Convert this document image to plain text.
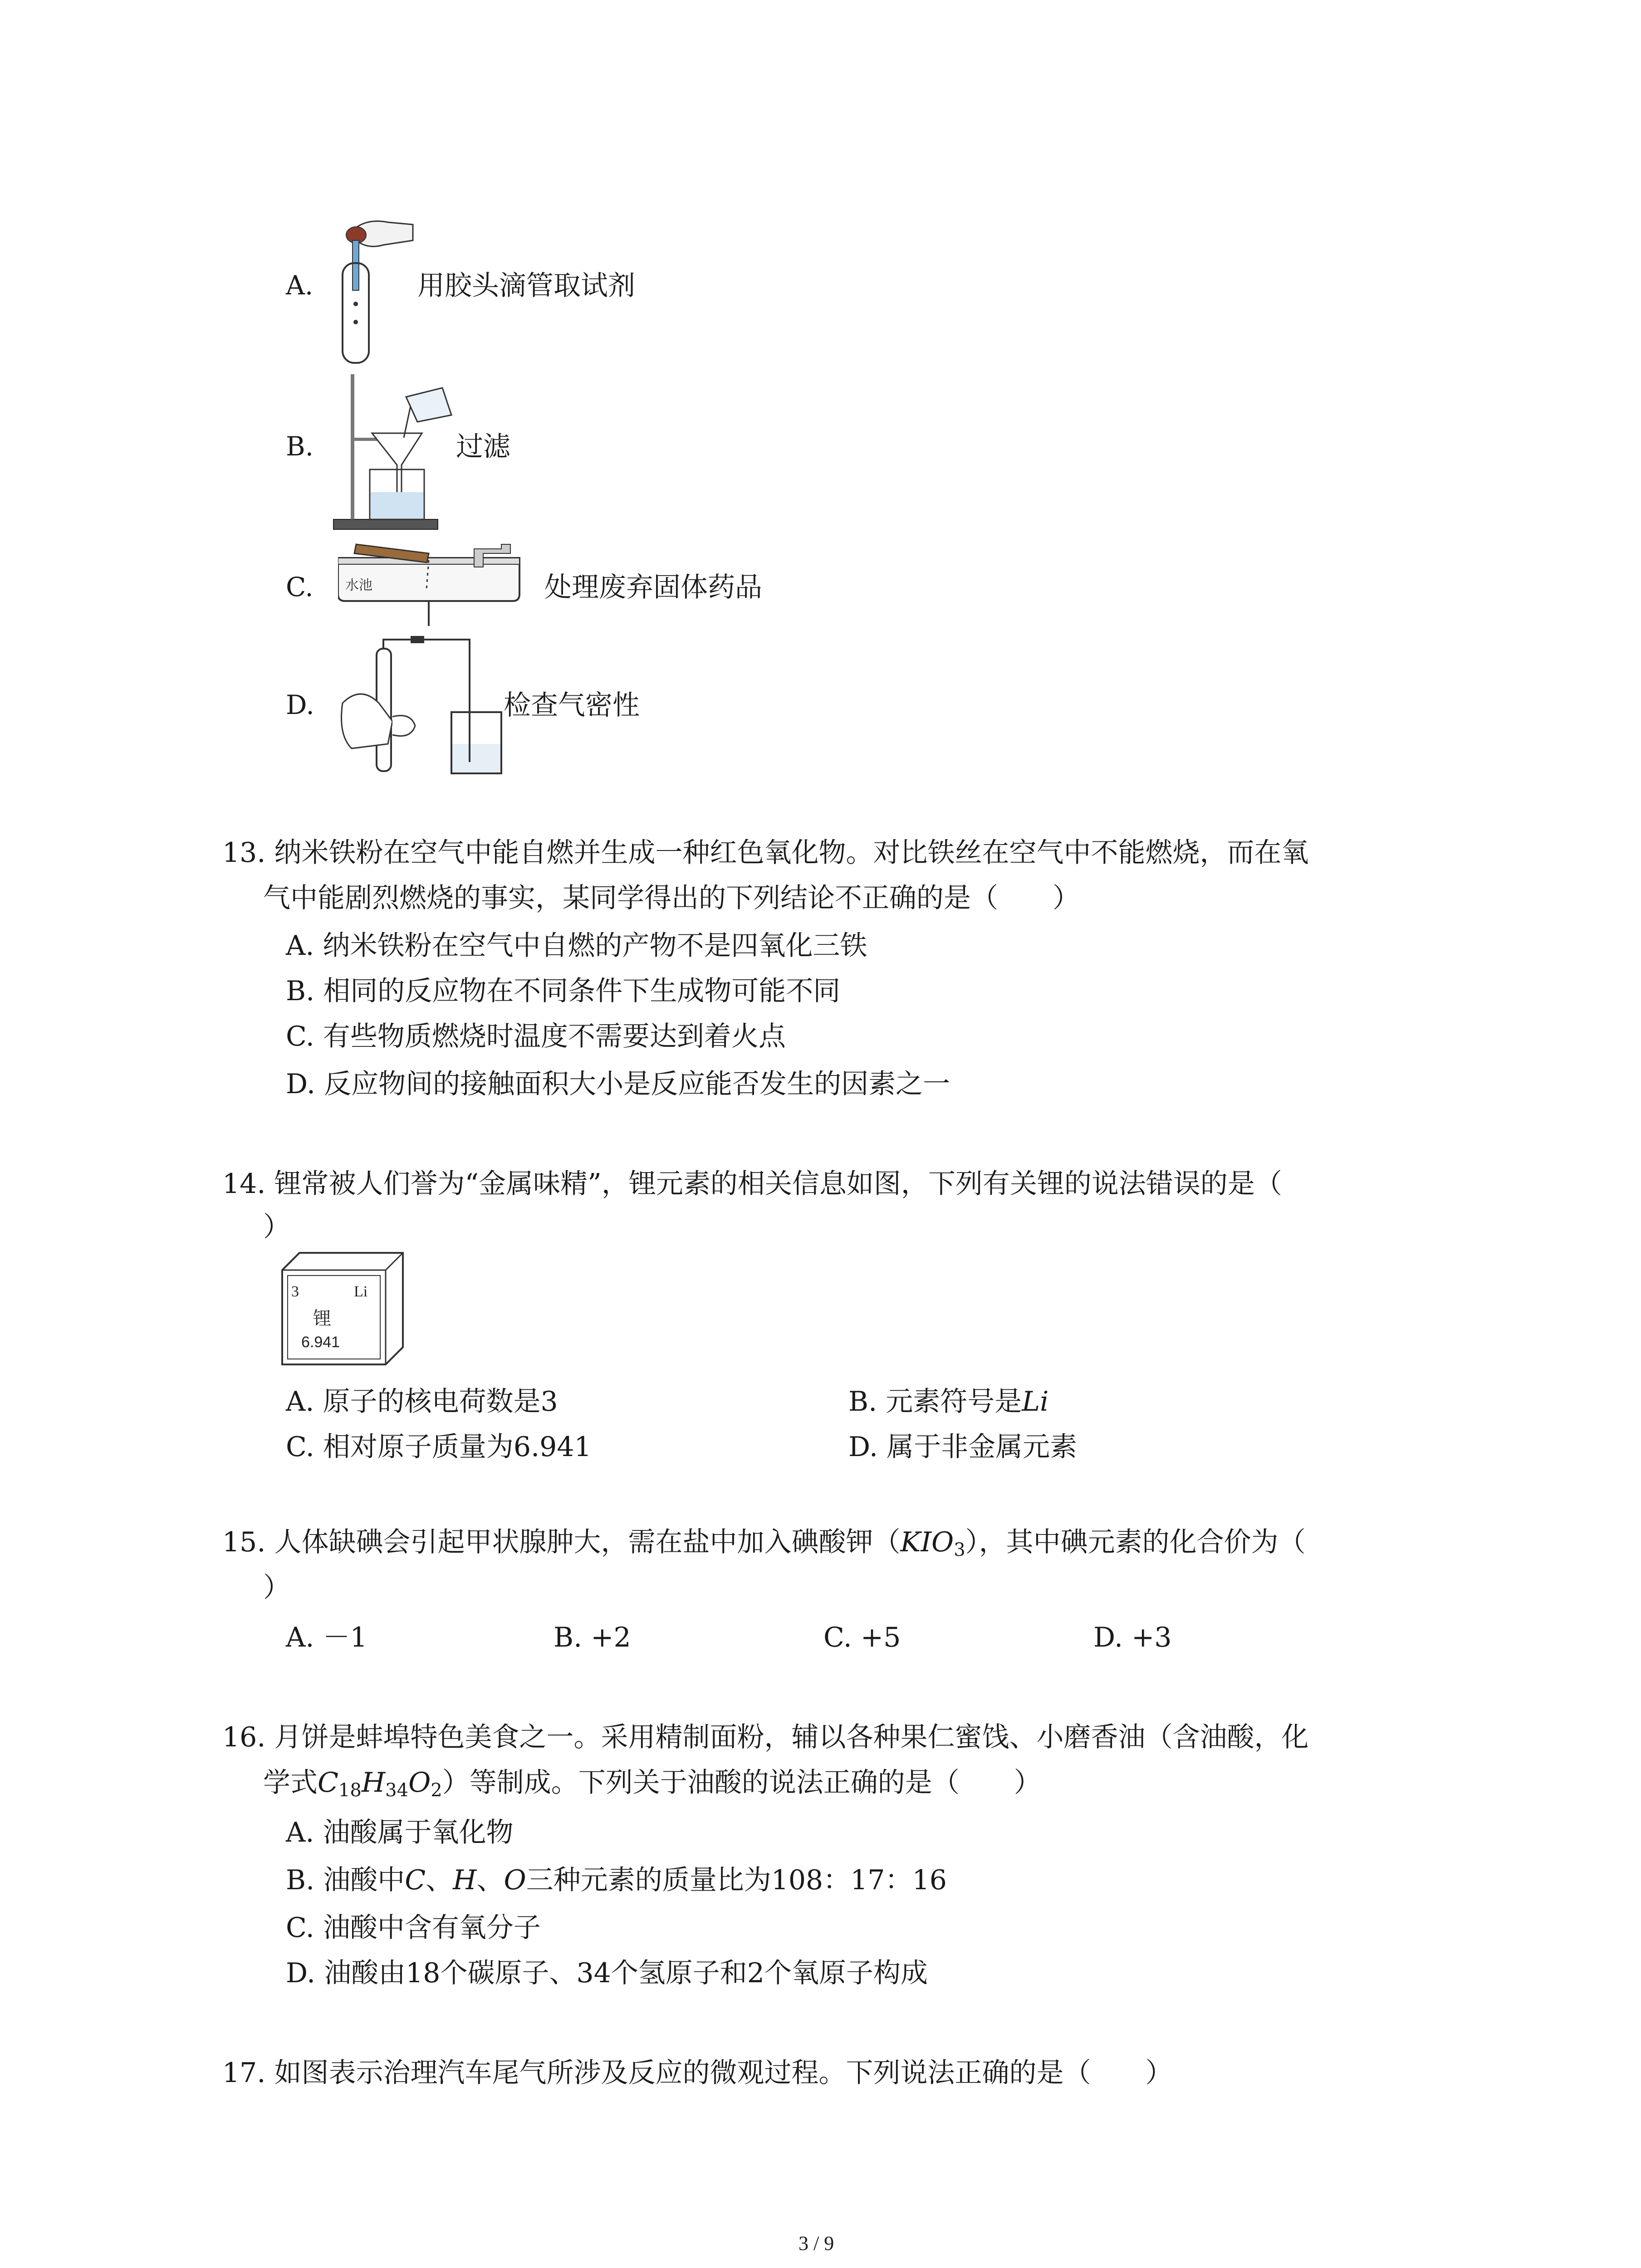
A.	用胶头滴管取试剂
B.	过滤
C. 水池	处理废弃固体药品
D.	检查气密性
13. 纳米铁粉在空气中能自燃并生成一种红色氧化物。对比铁丝在空气中不能燃烧，而在氧
气中能剧烈燃烧的事实，某同学得出的下列结论不正确的是（　　）
A. 纳米铁粉在空气中自燃的产物不是四氧化三铁
B. 相同的反应物在不同条件下生成物可能不同
C. 有些物质燃烧时温度不需要达到着火点
D. 反应物间的接触面积大小是反应能否发生的因素之一
14. 锂常被人们誉为“金属味精”，锂元素的相关信息如图，下列有关锂的说法错误的是（
）
3	Li
锂
6.941
A. 原子的核电荷数是3	B. 元素符号是Li
C. 相对原子质量为6.941	D. 属于非金属元素
15. 人体缺碘会引起甲状腺肿大，需在盐中加入碘酸钾$(KIO_3)$，其中碘元素的化合价为（
）
A. －1	B. +2	C. +5	D. +3
16. 月饼是蚌埠特色美食之一。采用精制面粉，辅以各种果仁蜜饯、小磨香油（含油酸，化
学式$C_{18}H_{34}O_2$）等制成。下列关于油酸的说法正确的是（　　）
A. 油酸属于氧化物
B. 油酸中C、H、O三种元素的质量比为108：17：16
C. 油酸中含有氧分子
D. 油酸由18个碳原子、34个氢原子和2个氧原子构成
17. 如图表示治理汽车尾气所涉及反应的微观过程。下列说法正确的是（　　）
3 / 9
